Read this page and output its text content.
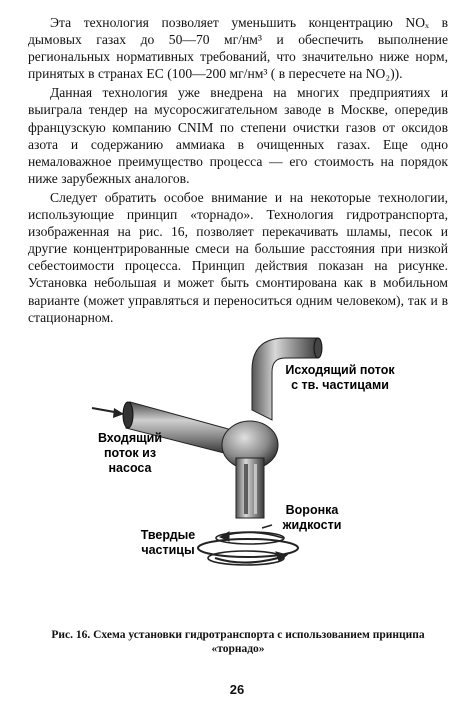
Эта технология позволяет уменьшить концентрацию NOₓ в дымовых газах до 50—70 мг/нм³ и обеспечить выполнение региональных нормативных требований, что значительно ниже норм, принятых в странах ЕС (100—200 мг/нм³ ( в пересчете на NO₂)).

Данная технология уже внедрена на многих предприятиях и выиграла тендер на мусоросжигательном заводе в Москве, опередив французскую компанию CNIM по степени очистки газов от оксидов азота и содержанию аммиака в очищенных газах. Еще одно немаловажное преимущество процесса — его стоимость на порядок ниже зарубежных аналогов.

Следует обратить особое внимание и на некоторые технологии, использующие принцип «торнадо». Технология гидротранспорта, изображенная на рис. 16, позволяет перекачивать шламы, песок и другие концентрированные смеси на большие расстояния при низкой себестоимости процесса. Принцип действия показан на рисунке. Установка небольшая и может быть смонтирована как в мобильном варианте (может управляться и переноситься одним человеком), так и в стационарном.

Исходящий поток
с тв. частицами
Входящий
поток из
насоса
Воронка
жидкости
Твердые
частицы
Рис. 16. Схема установки гидротранспорта с использованием принципа «торнадо»
26
